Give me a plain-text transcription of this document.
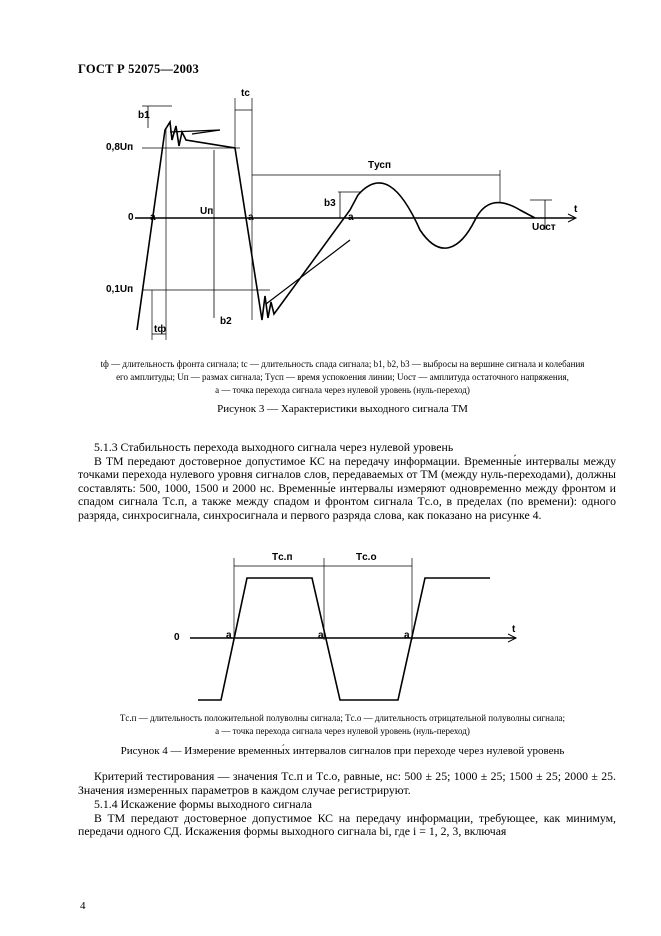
ГОСТ Р 52075—2003
b1
tс
0,8Uп
0
0,1Uп
Uп
Tусп
b3
Uост
а	а	а
t
b2
tф
tф — длительность фронта сигнала; tс — длительность спада сигнала; b1, b2, b3 — выбросы на вершине сигнала и колебания
его амплитуды; Uп — размах сигнала; Tусп — время успокоения линии; Uост — амплитуда остаточного напряжения,
а — точка перехода сигнала через нулевой уровень (нуль-переход)
Рисунок 3 — Характеристики выходного сигнала ТМ

5.1.3 Стабильность перехода выходного сигнала через нулевой уровень

В ТМ передают достоверное допустимое КС на передачу информации. Временны́е интервалы между точками перехода нулевого уровня сигналов слов, передаваемых от ТМ (между нуль-переходами), должны составлять: 500, 1000, 1500 и 2000 нс. Временны́е интервалы измеряют одновременно между фронтом и спадом сигнала Tс.п, а также между спадом и фронтом сигнала Tс.о, в пределах (по времени): одного разряда, синхросигнала, синхросигнала и первого разряда слова, как показано на рисунке 4.

Tс.п	Tс.о
0	а	а	а
t
Tс.п — длительность положительной полуволны сигнала; Tс.о — длительность отрицательной полуволны сигнала;
а — точка перехода сигнала через нулевой уровень (нуль-переход)
Рисунок 4 — Измерение временны́х интервалов сигналов при переходе через нулевой уровень

Критерий тестирования — значения Tс.п и Tс.о, равные, нс: 500 ± 25; 1000 ± 25; 1500 ± 25; 2000 ± 25. Значения измеренных параметров в каждом случае регистрируют.

5.1.4 Искажение формы выходного сигнала

В ТМ передают достоверное допустимое КС на передачу информации, требующее, как минимум, передачи одного СД. Искажения формы выходного сигнала bi, где i = 1, 2, 3, включая

4
